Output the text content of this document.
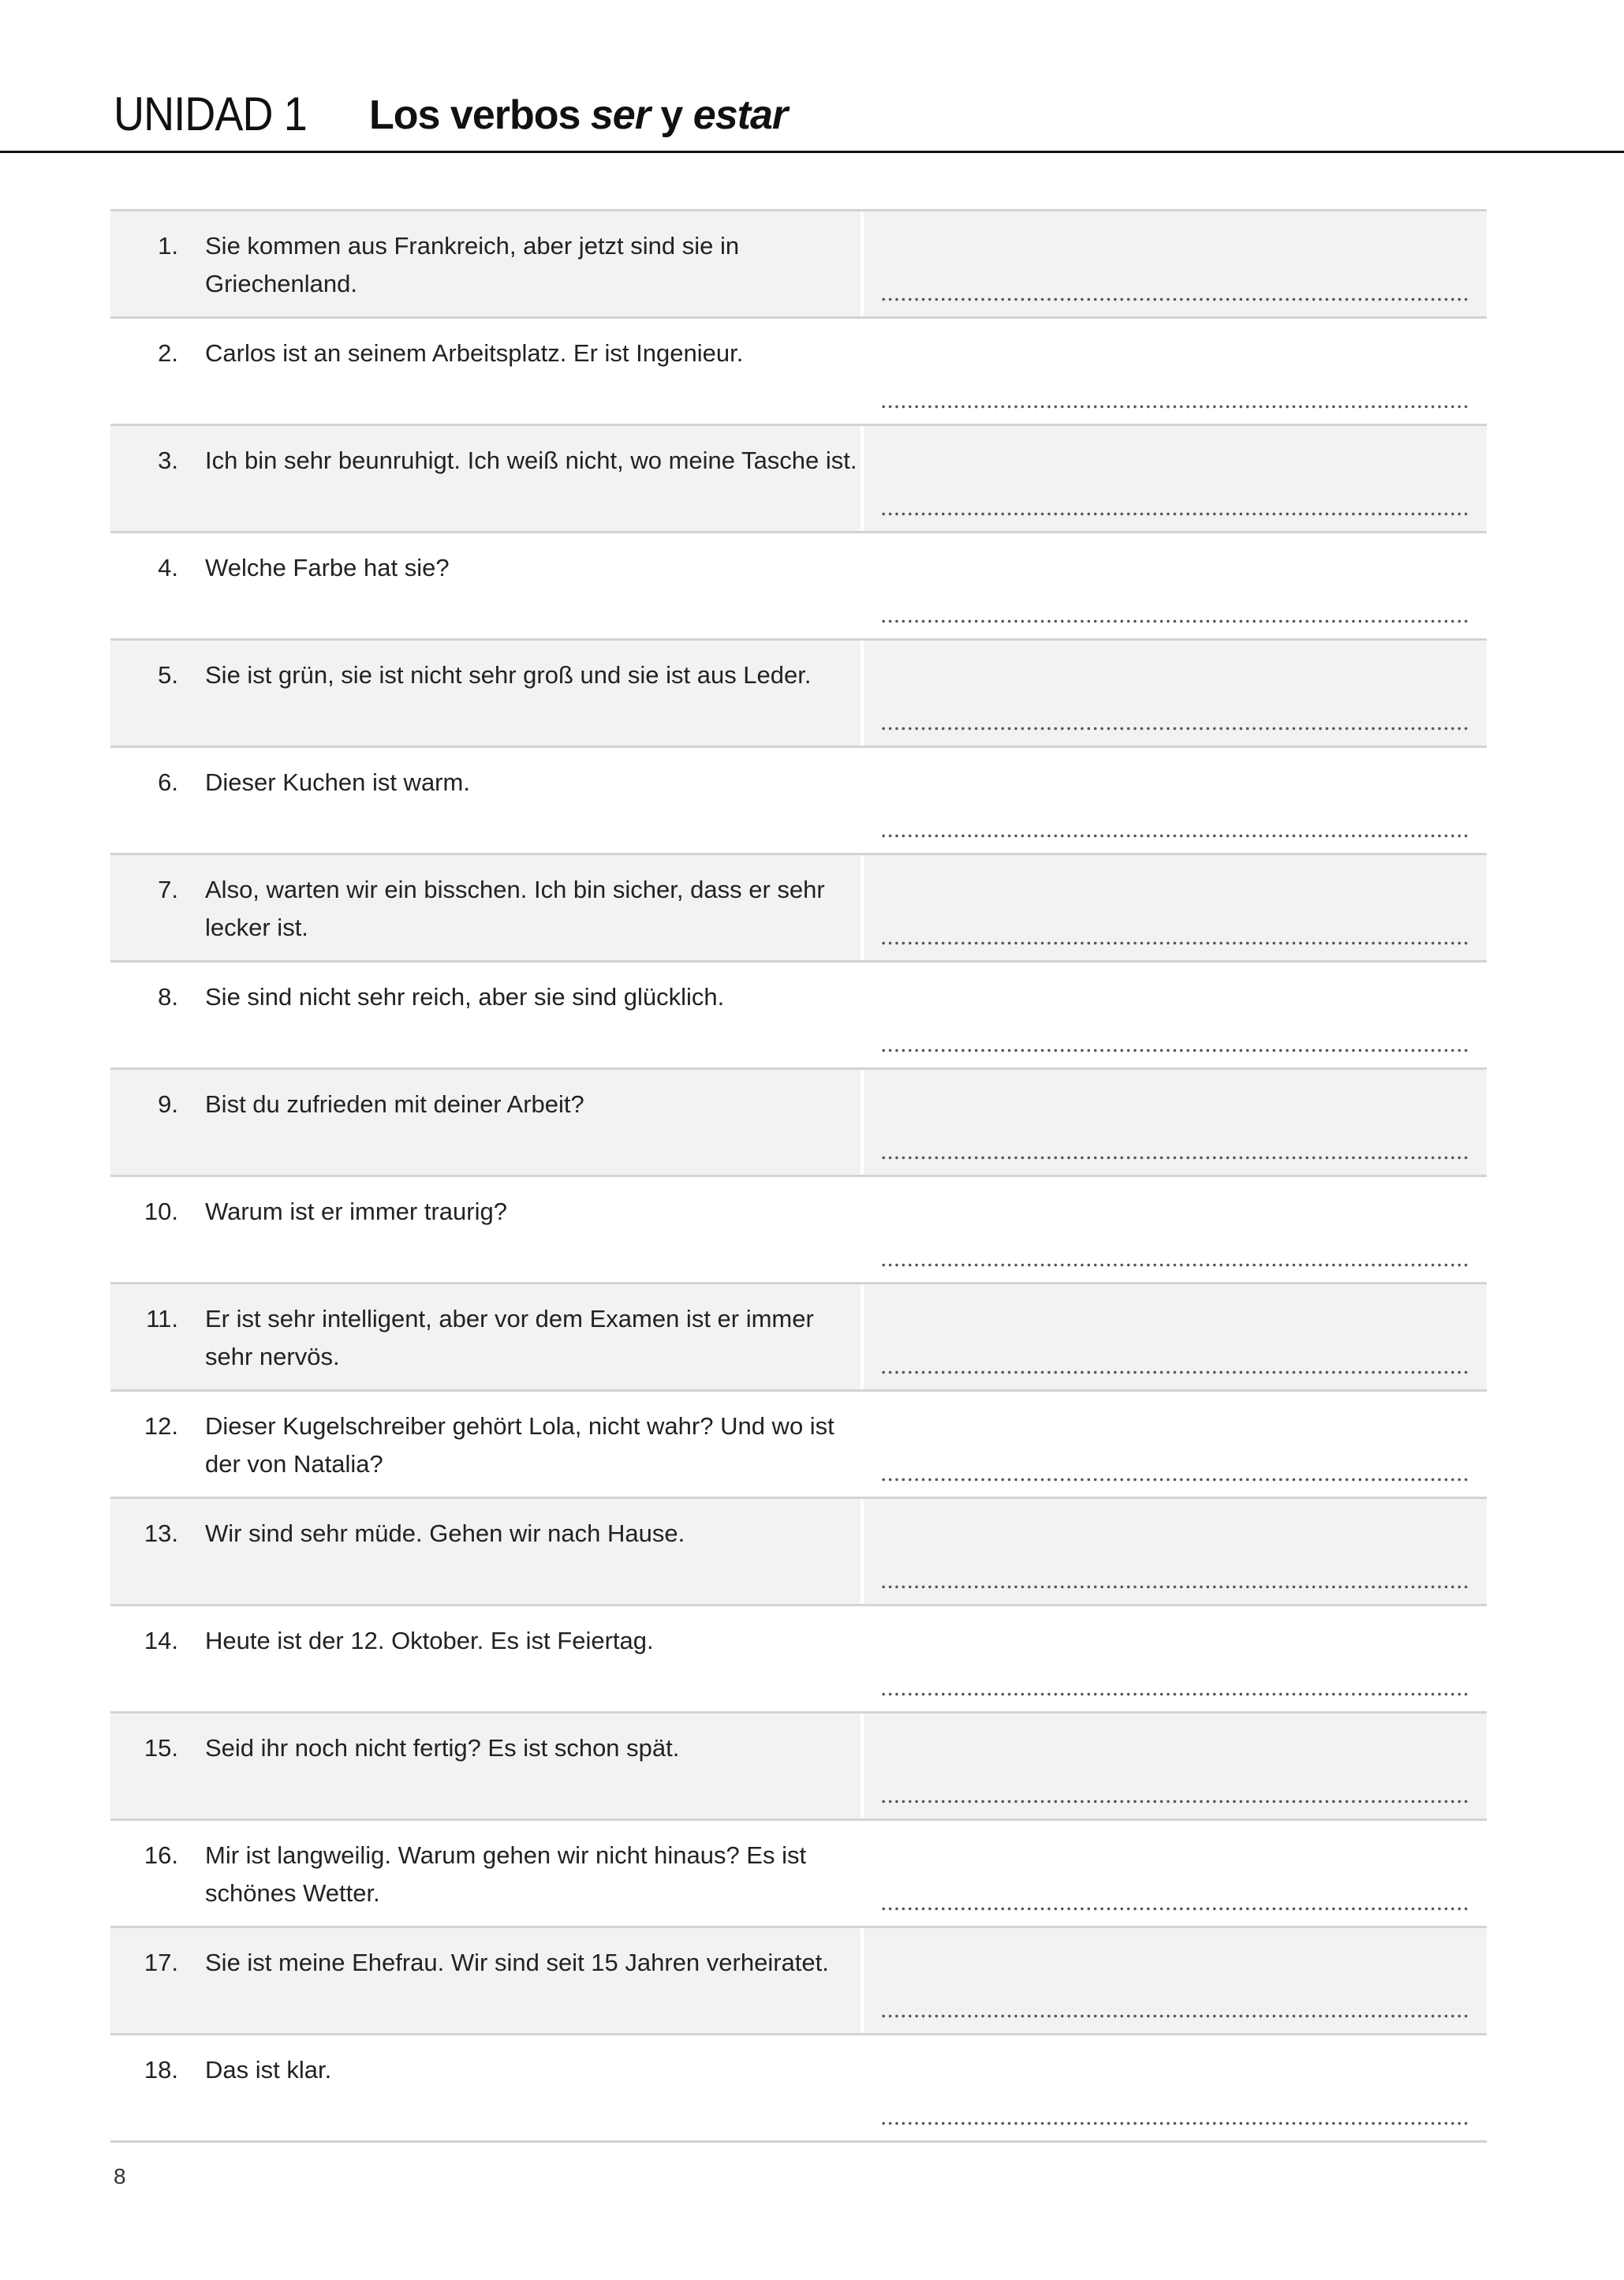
UNIDAD 1 Los verbos ser y estar
1. Sie kommen aus Frankreich, aber jetzt sind sie in Griechenland.
2. Carlos ist an seinem Arbeitsplatz. Er ist Ingenieur.
3. Ich bin sehr beunruhigt. Ich weiß nicht, wo meine Tasche ist.
4. Welche Farbe hat sie?
5. Sie ist grün, sie ist nicht sehr groß und sie ist aus Leder.
6. Dieser Kuchen ist warm.
7. Also, warten wir ein bisschen. Ich bin sicher, dass er sehr lecker ist.
8. Sie sind nicht sehr reich, aber sie sind glücklich.
9. Bist du zufrieden mit deiner Arbeit?
10. Warum ist er immer traurig?
11. Er ist sehr intelligent, aber vor dem Examen ist er immer sehr nervös.
12. Dieser Kugelschreiber gehört Lola, nicht wahr? Und wo ist der von Natalia?
13. Wir sind sehr müde. Gehen wir nach Hause.
14. Heute ist der 12. Oktober. Es ist Feiertag.
15. Seid ihr noch nicht fertig? Es ist schon spät.
16. Mir ist langweilig. Warum gehen wir nicht hinaus? Es ist schönes Wetter.
17. Sie ist meine Ehefrau. Wir sind seit 15 Jahren verheiratet.
18. Das ist klar.
8
